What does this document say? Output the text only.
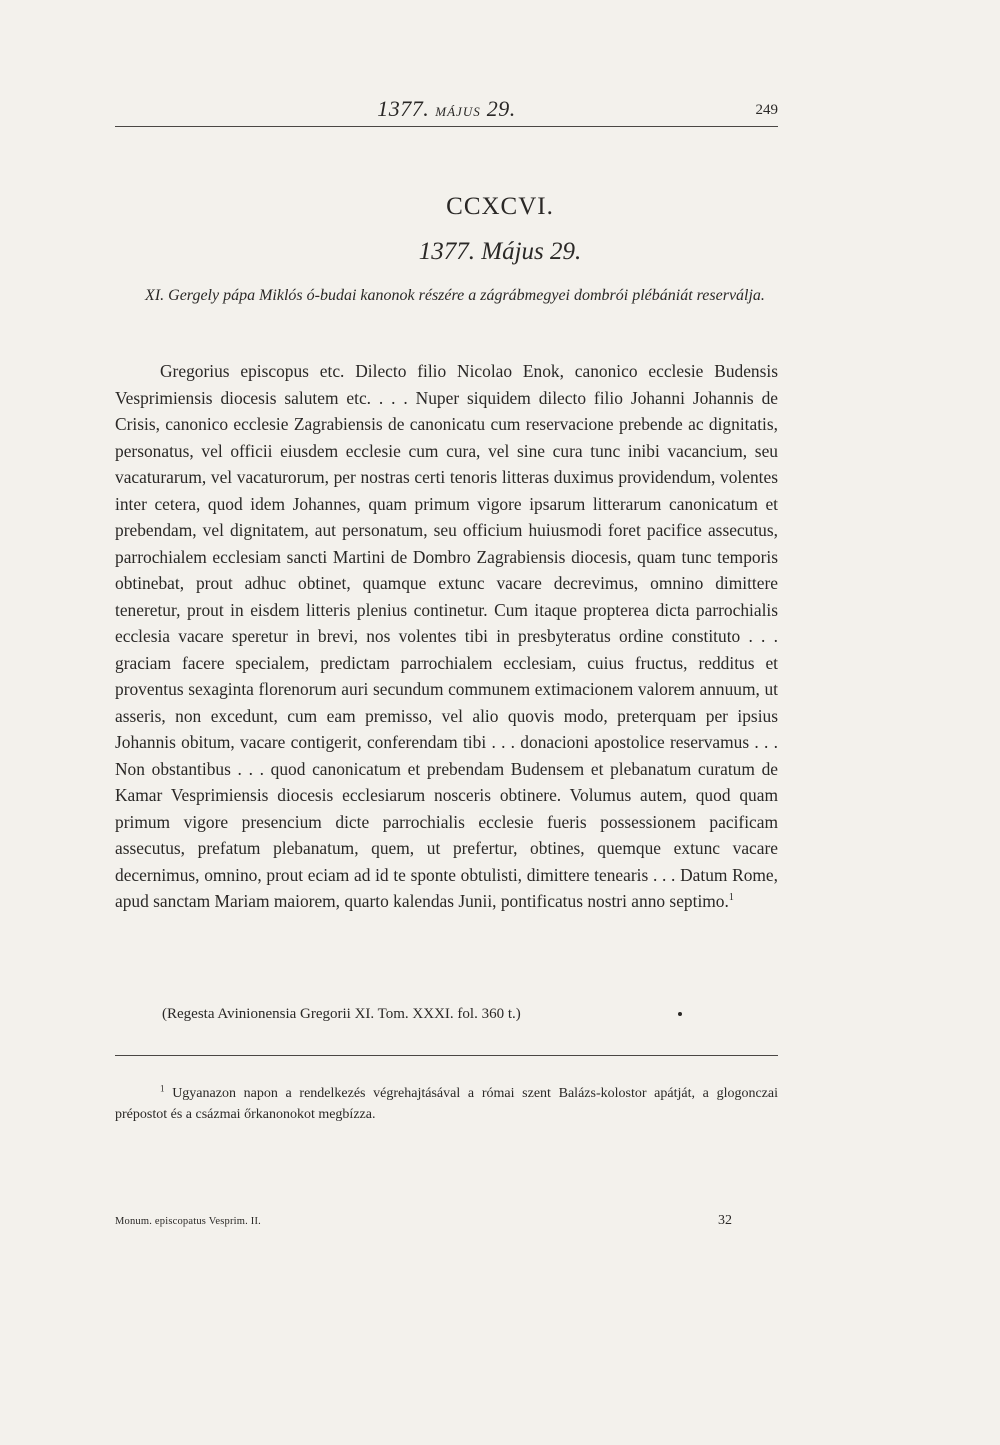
1377. MÁJUS 29.	249
CCXCVI.
1377. Május 29.
XI. Gergely pápa Miklós ó-budai kanonok részére a zágrábmegyei dombrói plébániát reserválja.

Gregorius episcopus etc. Dilecto filio Nicolao Enok, canonico ecclesie Budensis Vesprimiensis diocesis salutem etc. . . . Nuper siquidem dilecto filio Johanni Johannis de Crisis, canonico ecclesie Zagrabiensis de canonicatu cum reservacione prebende ac dignitatis, personatus, vel officii eiusdem ecclesie cum cura, vel sine cura tunc inibi vacancium, seu vacaturarum, vel vacaturorum, per nostras certi tenoris litteras duximus providendum, volentes inter cetera, quod idem Johannes, quam primum vigore ipsarum litterarum canonicatum et prebendam, vel dignitatem, aut personatum, seu officium huiusmodi foret pacifice assecutus, parrochialem ecclesiam sancti Martini de Dombro Zagrabiensis diocesis, quam tunc temporis obtinebat, prout adhuc obtinet, quamque extunc vacare decrevimus, omnino dimittere teneretur, prout in eisdem litteris plenius continetur. Cum itaque propterea dicta parrochialis ecclesia vacare speretur in brevi, nos volentes tibi in presbyteratus ordine constituto . . . graciam facere specialem, predictam parrochialem ecclesiam, cuius fructus, redditus et proventus sexaginta florenorum auri secundum communem extimacionem valorem annuum, ut asseris, non excedunt, cum eam premisso, vel alio quovis modo, preterquam per ipsius Johannis obitum, vacare contigerit, conferendam tibi . . . donacioni apostolice reservamus . . . Non obstantibus . . . quod canonicatum et prebendam Budensem et plebanatum curatum de Kamar Vesprimiensis diocesis ecclesiarum nosceris obtinere. Volumus autem, quod quam primum vigore presencium dicte parrochialis ecclesie fueris possessionem pacificam assecutus, prefatum plebanatum, quem, ut prefertur, obtines, quemque extunc vacare decernimus, omnino, prout eciam ad id te sponte obtulisti, dimittere tenearis . . . Datum Rome, apud sanctam Mariam maiorem, quarto kalendas Junii, pontificatus nostri anno septimo.$^1$

(Regesta Avinionensia Gregorii XI. Tom. XXXI. fol. 360 t.)

$^1$ Ugyanazon napon a rendelkezés végrehajtásával a római szent Balázs-kolostor apátját, a glogonczai prépostot és a csázmai őrkanonokot megbízza.

Monum. episcopatus Vesprim. II.	32
